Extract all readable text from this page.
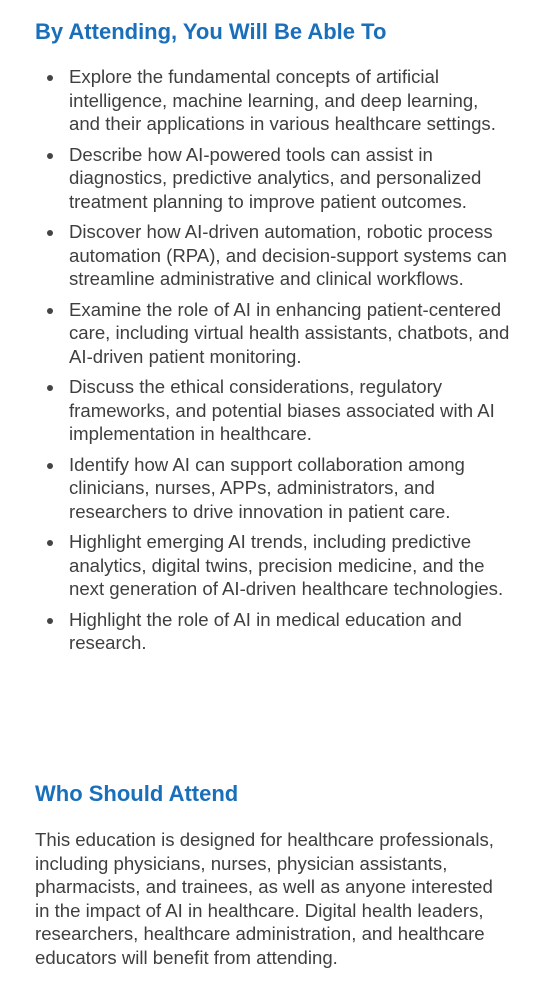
By Attending, You Will Be Able To
Explore the fundamental concepts of artificial intelligence, machine learning, and deep learning, and their applications in various healthcare settings.
Describe how AI-powered tools can assist in diagnostics, predictive analytics, and personalized treatment planning to improve patient outcomes.
Discover how AI-driven automation, robotic process automation (RPA), and decision-support systems can streamline administrative and clinical workflows.
Examine the role of AI in enhancing patient-centered care, including virtual health assistants, chatbots, and AI-driven patient monitoring.
Discuss the ethical considerations, regulatory frameworks, and potential biases associated with AI implementation in healthcare.
Identify how AI can support collaboration among clinicians, nurses, APPs, administrators, and researchers to drive innovation in patient care.
Highlight emerging AI trends, including predictive analytics, digital twins, precision medicine, and the next generation of AI-driven healthcare technologies.
Highlight the role of AI in medical education and research.
Who Should Attend

This education is designed for healthcare professionals, including physicians, nurses, physician assistants, pharmacists, and trainees, as well as anyone interested in the impact of AI in healthcare. Digital health leaders, researchers, healthcare administration, and healthcare educators will benefit from attending.
